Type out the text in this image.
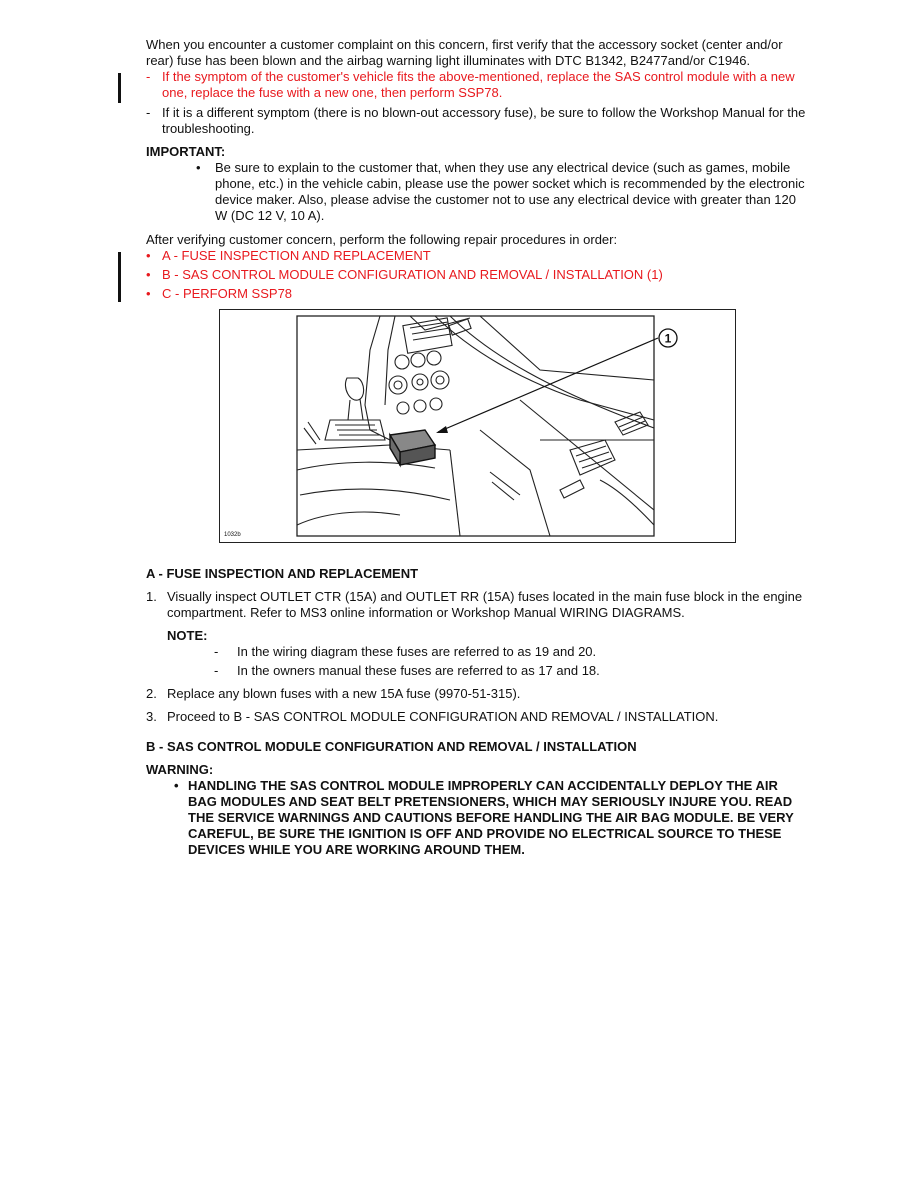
When you encounter a customer complaint on this concern, first verify that the accessory socket (center and/or rear) fuse has been blown and the airbag warning light illuminates with DTC B1342, B2477and/or C1946.
- If the symptom of the customer's vehicle fits the above-mentioned, replace the SAS control module with a new one, replace the fuse with a new one, then perform SSP78.
- If it is a different symptom (there is no blown-out accessory fuse), be sure to follow the Workshop Manual for the troubleshooting.
IMPORTANT:
•	Be sure to explain to the customer that, when they use any electrical device (such as games, mobile phone, etc.) in the vehicle cabin, please use the power socket which is recommended by the electronic device maker. Also, please advise the customer not to use any electrical device with greater than 120 W (DC 12 V, 10 A).
After verifying customer concern, perform the following repair procedures in order:
• A - FUSE INSPECTION AND REPLACEMENT
• B - SAS CONTROL MODULE CONFIGURATION AND REMOVAL / INSTALLATION (1)
• C - PERFORM SSP78
1
1032b
A - FUSE INSPECTION AND REPLACEMENT
1. Visually inspect OUTLET CTR (15A) and OUTLET RR (15A) fuses located in the main fuse block in the engine compartment. Refer to MS3 online information or Workshop Manual WIRING DIAGRAMS.
NOTE:
-	In the wiring diagram these fuses are referred to as 19 and 20.
-	In the owners manual these fuses are referred to as 17 and 18.
2. Replace any blown fuses with a new 15A fuse (9970-51-315).
3. Proceed to B - SAS CONTROL MODULE CONFIGURATION AND REMOVAL / INSTALLATION.
B - SAS CONTROL MODULE CONFIGURATION AND REMOVAL / INSTALLATION
WARNING:
• HANDLING THE SAS CONTROL MODULE IMPROPERLY CAN ACCIDENTALLY DEPLOY THE AIR BAG MODULES AND SEAT BELT PRETENSIONERS, WHICH MAY SERIOUSLY INJURE YOU. READ THE SERVICE WARNINGS AND CAUTIONS BEFORE HANDLING THE AIR BAG MODULE. BE VERY CAREFUL, BE SURE THE IGNITION IS OFF AND PROVIDE NO ELECTRICAL SOURCE TO THESE DEVICES WHILE YOU ARE WORKING AROUND THEM.
